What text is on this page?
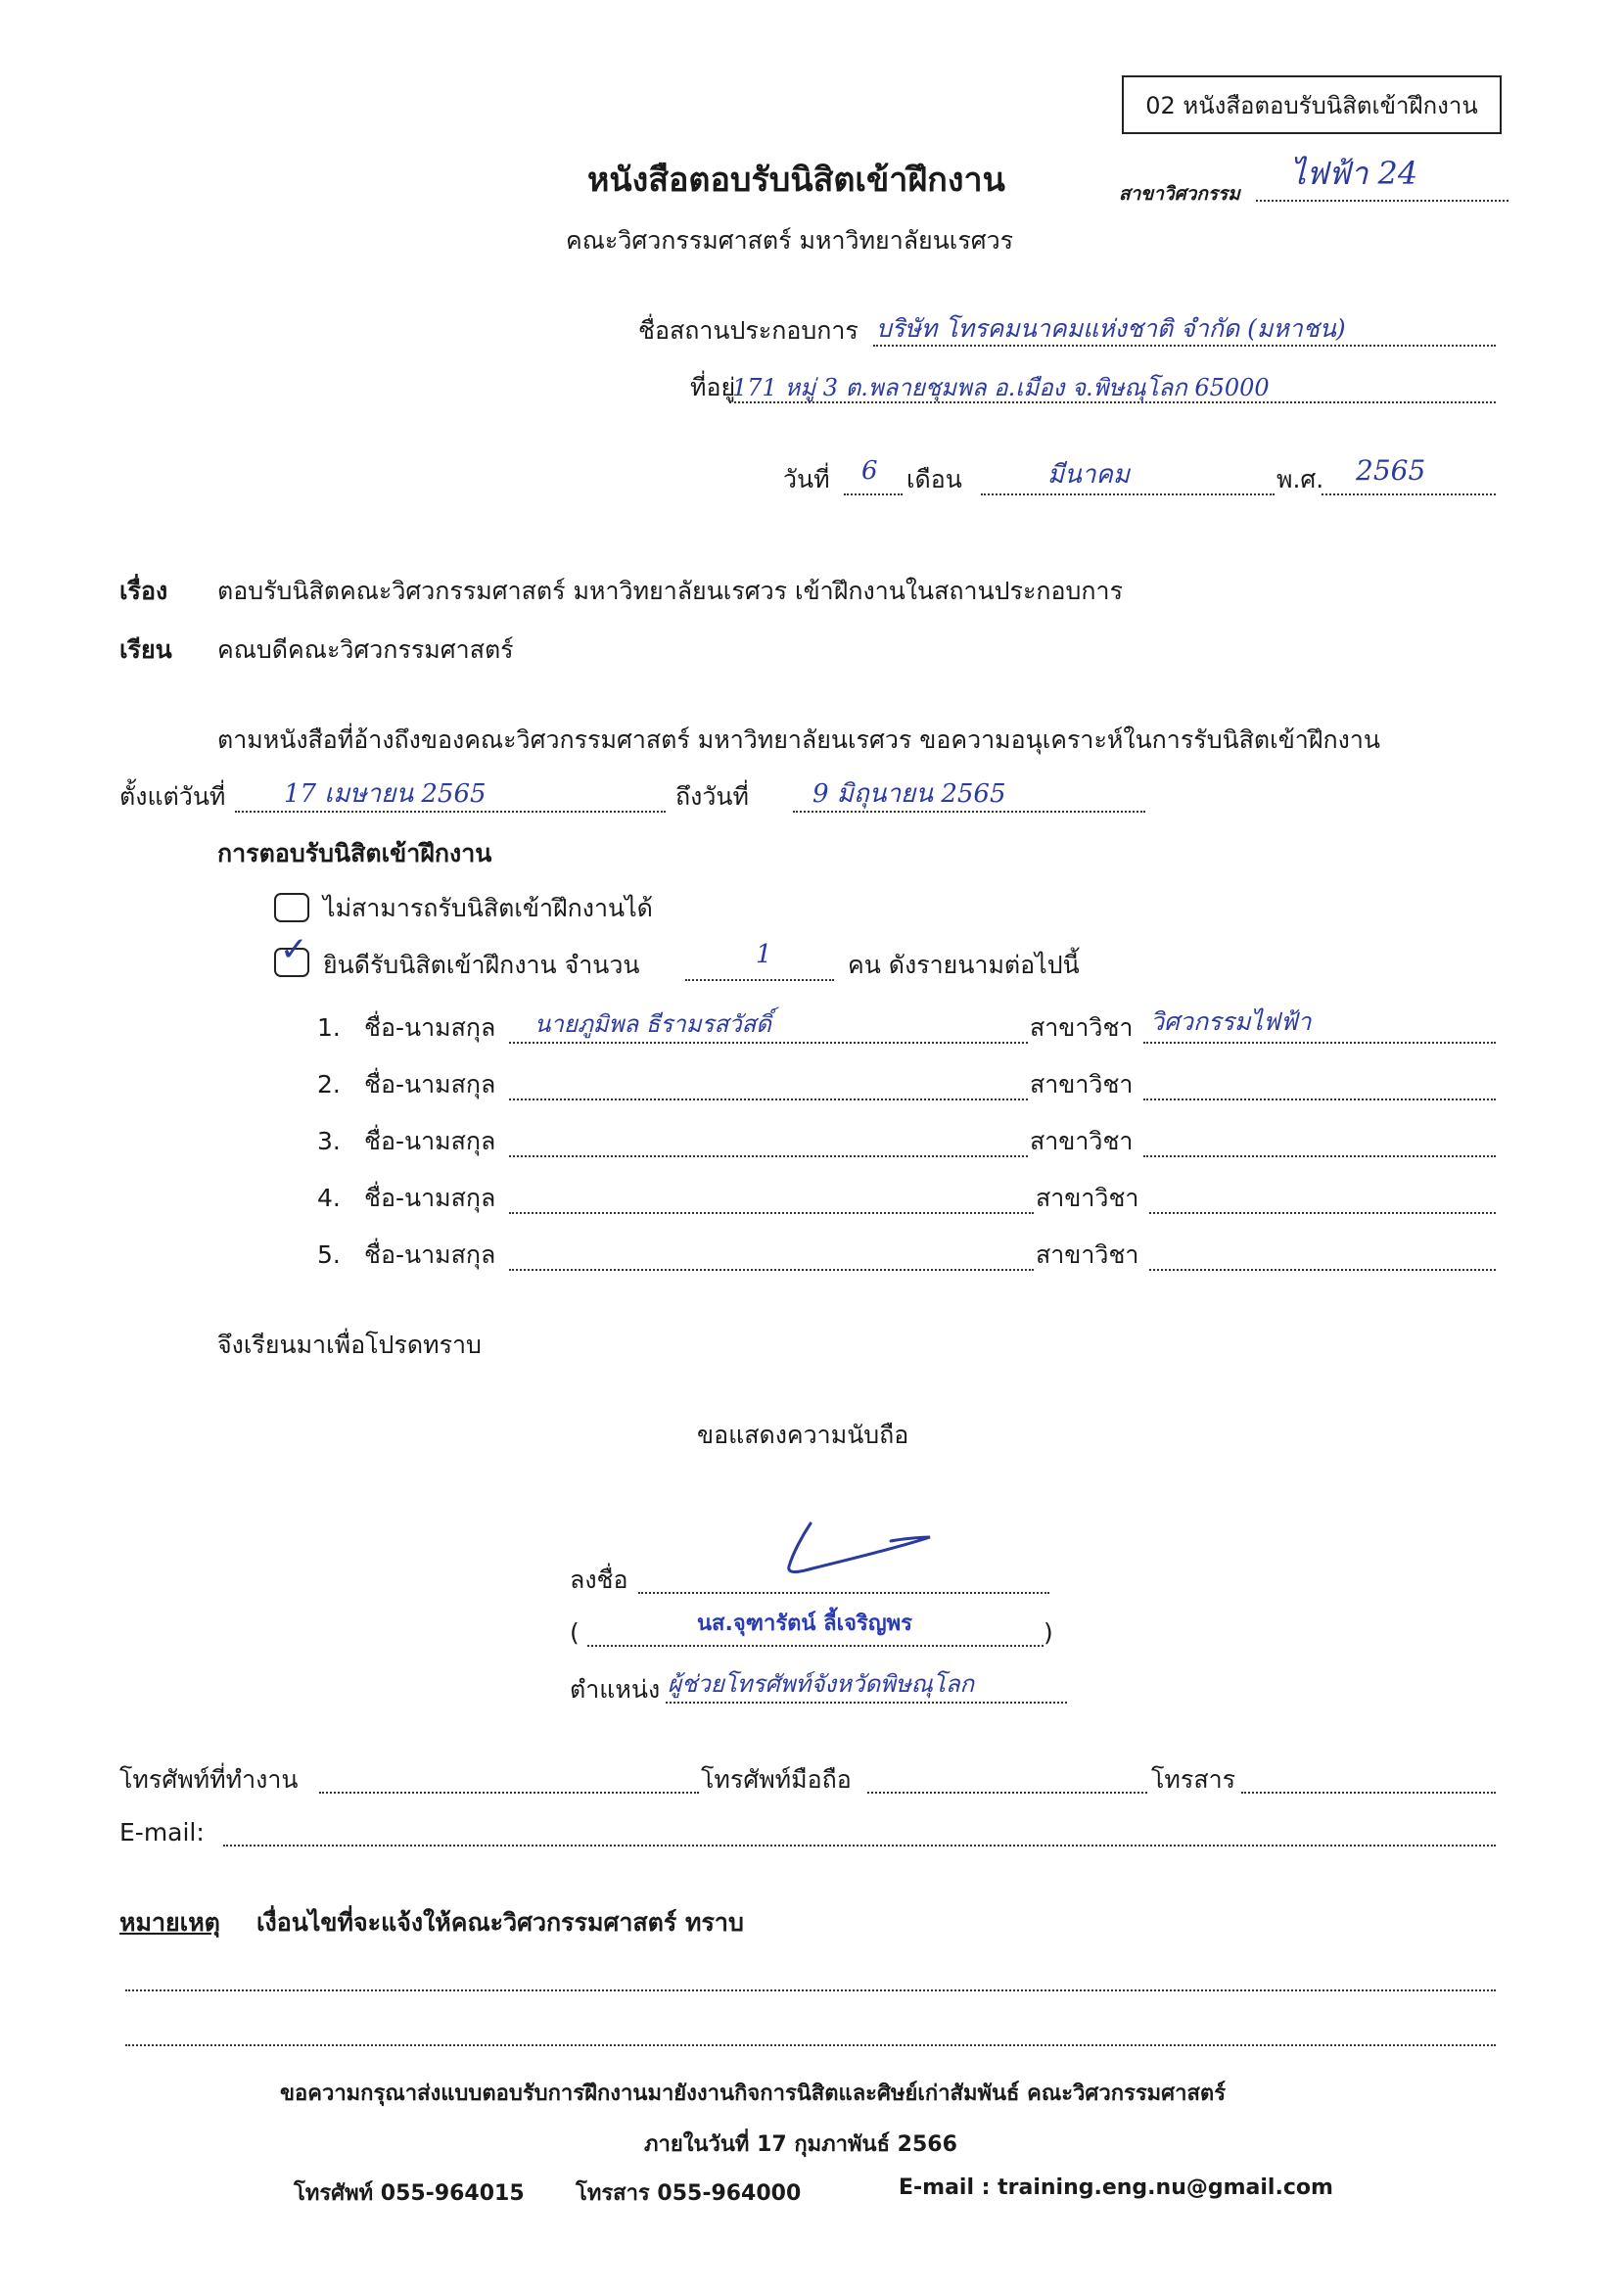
02 หนังสือตอบรับนิสิตเข้าฝึกงาน
หนังสือตอบรับนิสิตเข้าฝึกงาน
คณะวิศวกรรมศาสตร์ มหาวิทยาลัยนเรศวร
สาขาวิศวกรรม
ไฟฟ้า 24
ชื่อสถานประกอบการ บริษัท โทรคมนาคมแห่งชาติ จำกัด (มหาชน)
ที่อยู่
171 หมู่ 3 ต.พลายชุมพล อ.เมือง จ.พิษณุโลก 65000
วันที่ 6 เดือน	มีนาคม	พ.ศ. 2565
เรื่อง ตอบรับนิสิตคณะวิศวกรรมศาสตร์ มหาวิทยาลัยนเรศวร เข้าฝึกงานในสถานประกอบการ
เรียน คณบดีคณะวิศวกรรมศาสตร์
ตามหนังสือที่อ้างถึงของคณะวิศวกรรมศาสตร์ มหาวิทยาลัยนเรศวร ขอความอนุเคราะห์ในการรับนิสิตเข้าฝึกงาน
ตั้งแต่วันที่ 17 เมษายน 2565	ถึงวันที่	9 มิถุนายน 2565
การตอบรับนิสิตเข้าฝึกงาน
ไม่สามารถรับนิสิตเข้าฝึกงานได้
✓ ยินดีรับนิสิตเข้าฝึกงาน จำนวน	1	คน ดังรายนามต่อไปนี้
1. ชื่อ-นามสกุล นายภูมิพล ธีรามรสวัสดิ์	สาขาวิชา วิศวกรรมไฟฟ้า
2. ชื่อ-นามสกุล	สาขาวิชา
3. ชื่อ-นามสกุล	สาขาวิชา
4. ชื่อ-นามสกุล	สาขาวิชา
5. ชื่อ-นามสกุล	สาขาวิชา
จึงเรียนมาเพื่อโปรดทราบ
ขอแสดงความนับถือ
ลงชื่อ
(	นส.จุฑารัตน์ ลี้เจริญพร	)
ตำแหน่ง ผู้ช่วยโทรศัพท์จังหวัดพิษณุโลก
โทรศัพท์ที่ทำงาน	โทรศัพท์มือถือ	โทรสาร
E-mail:
หมายเหตุ เงื่อนไขที่จะแจ้งให้คณะวิศวกรรมศาสตร์ ทราบ
ขอความกรุณาส่งแบบตอบรับการฝึกงานมายังงานกิจการนิสิตและศิษย์เก่าสัมพันธ์ คณะวิศวกรรมศาสตร์
ภายในวันที่ 17 กุมภาพันธ์ 2566
โทรศัพท์ 055-964015 โทรสาร 055-964000	E-mail : training.eng.nu@gmail.com
